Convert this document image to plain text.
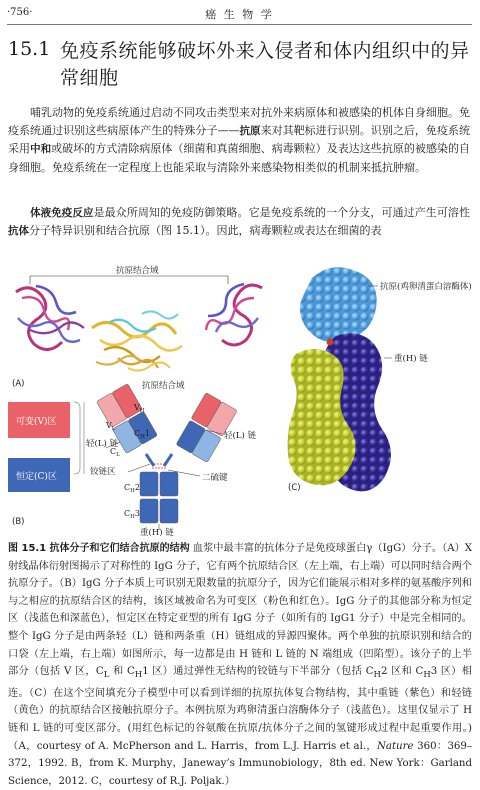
·756·	癌 生 物 学
15.1 免疫系统能够破坏外来入侵者和体内组织中的异常细胞
哺乳动物的免疫系统通过启动不同攻击类型来对抗外来病原体和被感染的机体自身细胞。免疫系统通过识别这些病原体产生的特殊分子——抗原来对其靶标进行识别。识别之后，免疫系统采用中和或破坏的方式清除病原体（细菌和真菌细胞、病毒颗粒）及表达这些抗原的被感染的自身细胞。免疫系统在一定程度上也能采取与清除外来感染物相类似的机制来抵抗肿瘤。
体液免疫反应是最众所周知的免疫防御策略。它是免疫系统的一个分支，可通过产生可溶性抗体分子特异识别和结合抗原（图 15.1）。因此，病毒颗粒或表达在细菌的表
抗原结合域
(A)	抗原结合域
可变(V)区
恒定(C)区
$V_H$
$V_L$ $C_H1$
$C_L$
$C_H2$
$C_H3$
轻(L) 链
轻(L) 链
铰链区
二硫键
重(H) 链
(B)
抗原(鸡卵清蛋白溶酶体)
重(H) 链
(C)
图 15.1 抗体分子和它们结合抗原的结构 血浆中最丰富的抗体分子是免疫球蛋白γ（IgG）分子。（A）X 射线晶体衍射图揭示了对称性的 IgG 分子，它有两个抗原结合区（左上端，右上端）可以同时结合两个抗原分子。（B）IgG 分子本质上可识别无限数量的抗原分子，因为它们能展示相对多样的氨基酸序列和与之相应的抗原结合区的结构，该区域被命名为可变区（粉色和红色）。IgG 分子的其他部分称为恒定区（浅蓝色和深蓝色），恒定区在特定亚型的所有 IgG 分子（如所有的 IgG1 分子）中是完全相同的。整个 IgG 分子是由两条轻（L）链和两条重（H）链组成的异源四聚体。两个单独的抗原识别和结合的口袋（左上端，右上端）如图所示，每一边都是由 H 链和 L 链的 N 端组成（凹陷型）。该分子的上半部分（包括 V 区，$C_L$ 和 $C_H1$ 区）通过弹性无结构的铰链与下半部分（包括 $C_H2$ 区和 $C_H3$ 区）相连。（C）在这个空间填充分子模型中可以看到详细的抗原抗体复合物结构，其中重链（紫色）和轻链（黄色）的抗原结合区接触抗原分子。本例抗原为鸡卵清蛋白溶酶体分子（浅蓝色）。这里仅显示了 H 链和 L 链的可变区部分。(用红色标记的谷氨酸在抗原/抗体分子之间的氢键形成过程中起重要作用。)（A，courtesy of A. McPherson and L. Harris，from L.J. Harris et al.，Nature 360：369–372，1992. B，from K. Murphy，Janeway’s Immunobiology，8th ed. New York：Garland Science，2012. C，courtesy of R.J. Poljak.）
